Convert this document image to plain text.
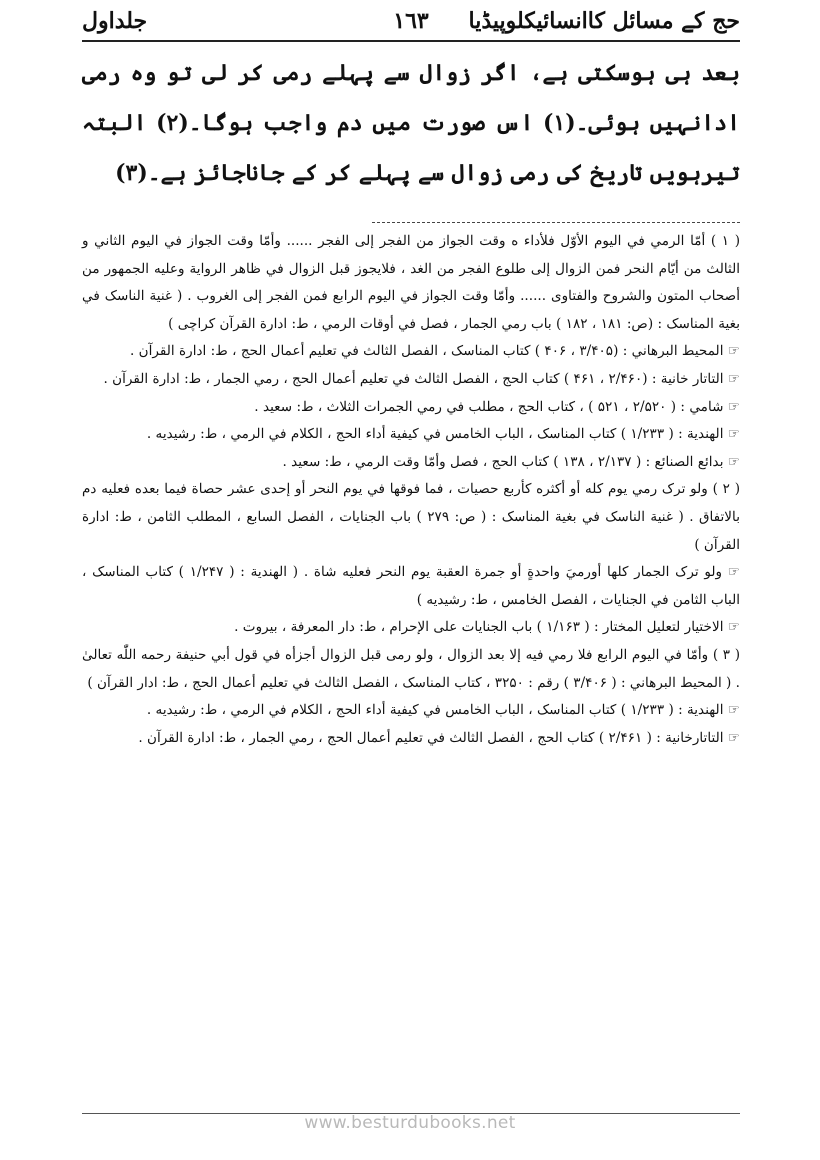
حج کے مسائل کاانسائیکلوپیڈیا
١٦٣
جلداول

بعد ہی ہوسکتی ہے، اگر زوال سے پہلے رمی کر لی تو وہ رمی ادانہیں ہوئی۔(۱) اس صورت میں دم واجب ہوگا۔(۲) البتہ تیرہویں تاریخ کی رمی زوال سے پہلے کر کے جاناجائز ہے۔(۳)

( ۱ ) أمّا الرمي في اليوم الأوّل فلأداء ه وقت الجواز من الفجر إلى الفجر ...... وأمّا وقت الجواز في اليوم الثاني و الثالث من أيّام النحر فمن الزوال إلى طلوع الفجر من الغد ، فلايجوز قبل الزوال في ظاهر الرواية وعليه الجمهور من أصحاب المتون والشروح والفتاوى ...... وأمّا وقت الجواز في اليوم الرابع فمن الفجر إلى الغروب . ( غنية الناسک في بغية المناسک : (ص: ۱۸۱ ، ۱۸۲ ) باب رمي الجمار ، فصل في أوقات الرمي ، ط: ادارة القرآن کراچی )

☞ المحيط البرهاني : (۳/۴۰۵ ، ۴۰۶ ) کتاب المناسک ، الفصل الثالث في تعليم أعمال الحج ، ط: ادارة القرآن .

☞ التاتار خانية : (۲/۴۶۰ ، ۴۶۱ ) کتاب الحج ، الفصل الثالث في تعليم أعمال الحج ، رمي الجمار ، ط: ادارة القرآن .

☞ شامي : ( ۲/۵۲۰ ، ۵۲۱ ) ، کتاب الحج ، مطلب في رمي الجمرات الثلاث ، ط: سعيد .

☞ الهندية : ( ۱/۲۳۳ ) کتاب المناسک ، الباب الخامس في کيفية أداء الحج ، الکلام في الرمي ، ط: رشيديه .

☞ بدائع الصنائع : ( ۲/۱۳۷ ، ۱۳۸ ) کتاب الحج ، فصل وأمّا وقت الرمي ، ط: سعيد .

( ۲ ) ولو ترک رمي يوم کله أو أکثره کأربع حصيات ، فما فوقها في يوم النحر أو إحدى عشر حصاة فيما بعده فعليه دم بالاتفاق . ( غنية الناسک في بغية المناسک : ( ص: ۲۷۹ ) باب الجنايات ، الفصل السابع ، المطلب الثامن ، ط: ادارة القرآن )

☞ ولو ترک الجمار کلها أورميَ واحدةٍ أو جمرة العقبة يوم النحر فعليه شاة . ( الهندية : ( ۱/۲۴۷ ) کتاب المناسک ، الباب الثامن في الجنايات ، الفصل الخامس ، ط: رشيديه )

☞ الاختيار لتعليل المختار : ( ۱/۱۶۳ ) باب الجنايات على الإحرام ، ط: دار المعرفة ، بيروت .

( ۳ ) وأمّا في اليوم الرابع فلا رمي فيه إلا بعد الزوال ، ولو رمى قبل الزوال أجزأه في قول أبي حنيفة رحمه اللّٰه تعالىٰ . ( المحيط البرهاني : ( ۳/۴۰۶ ) رقم : ۳۲۵۰ ، کتاب المناسک ، الفصل الثالث في تعليم أعمال الحج ، ط: ادار القرآن )

☞ الهندية : ( ۱/۲۳۳ ) کتاب المناسک ، الباب الخامس في کيفية أداء الحج ، الکلام في الرمي ، ط: رشيديه .

☞ التاتارخانية : ( ۲/۴۶۱ ) کتاب الحج ، الفصل الثالث في تعليم أعمال الحج ، رمي الجمار ، ط: ادارة القرآن .

www.besturdubooks.net
